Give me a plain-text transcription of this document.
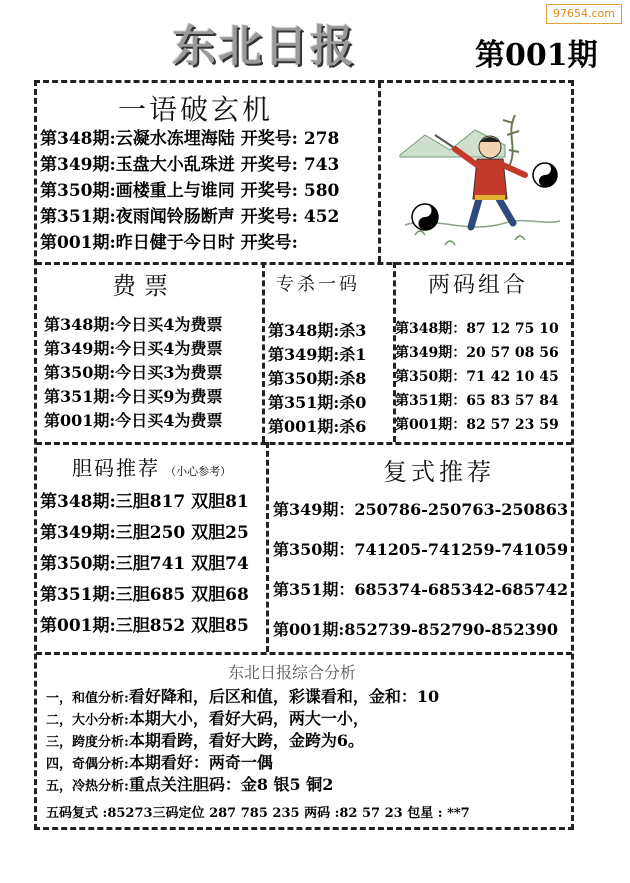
97654.com
东北日报	第001期
一语破玄机
第348期:云凝水冻埋海陆 开奖号: 278
第349期:玉盘大小乱珠迸 开奖号: 743
第350期:画楼重上与谁同 开奖号: 580
第351期:夜雨闻铃肠断声 开奖号: 452
第001期:昨日健于今日时 开奖号:
费票
第348期:今日买4为费票
第349期:今日买4为费票
第350期:今日买3为费票
第351期:今日买9为费票
第001期:今日买4为费票
专杀一码
第348期:杀3
第349期:杀1
第350期:杀8
第351期:杀0
第001期:杀6
两码组合
第348期：87 12 75 10
第349期：20 57 08 56
第350期：71 42 10 45
第351期：65 83 57 84
第001期：82 57 23 59
胆码推荐 （小心参考）
第348期:三胆817 双胆81
第349期:三胆250 双胆25
第350期:三胆741 双胆74
第351期:三胆685 双胆68
第001期:三胆852 双胆85
复式推荐
第349期：250786-250763-250863
第350期：741205-741259-741059
第351期：685374-685342-685742
第001期:852739-852790-852390
东北日报综合分析
一，和值分析:看好降和，后区和值，彩谍看和，金和：10
二，大小分析:本期大小，看好大码，两大一小，
三，跨度分析:本期看跨，看好大跨，金跨为6。
四，奇偶分析:本期看好：两奇一偶
五，冷热分析:重点关注胆码：金8 银5 铜2
五码复式 :85273三码定位 287 785 235 两码 :82 57 23 包星 : **7
